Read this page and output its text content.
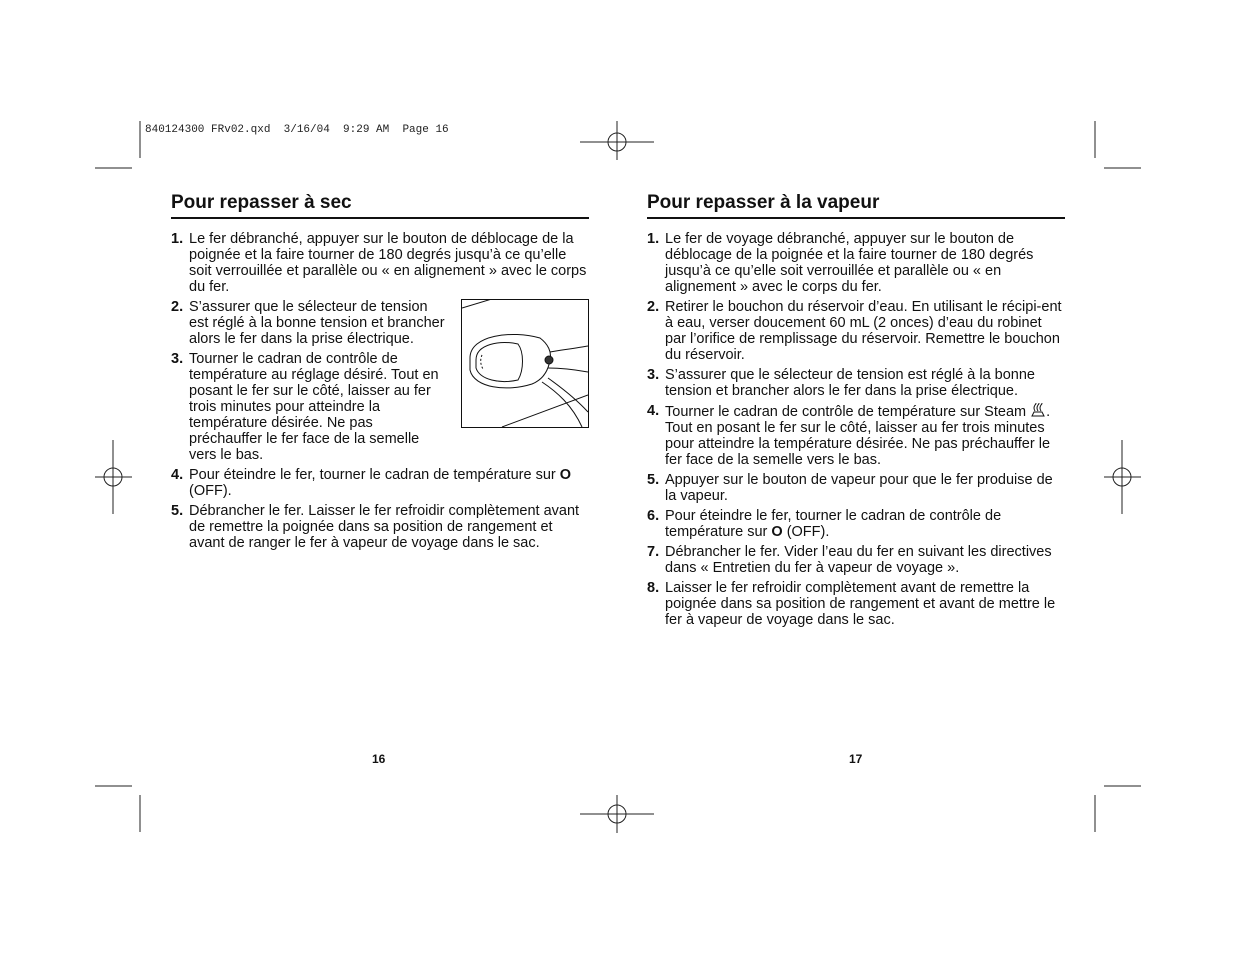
840124300 FRv02.qxd  3/16/04  9:29 AM  Page 16
Pour repasser à sec
1. Le fer débranché, appuyer sur le bouton de déblocage de la poignée et la faire tourner de 180 degrés jusqu’à ce qu’elle soit verrouillée et parallèle ou « en alignement » avec le corps du fer.
2. S’assurer que le sélecteur de tension est réglé à la bonne tension et brancher alors le fer dans la prise électrique.
3. Tourner le cadran de contrôle de température au réglage désiré. Tout en posant le fer sur le côté, laisser au fer trois minutes pour atteindre la température désirée. Ne pas préchauffer le fer face de la semelle vers le bas.
4. Pour éteindre le fer, tourner le cadran de température sur O (OFF).
5. Débrancher le fer. Laisser le fer refroidir complètement avant de remettre la poignée dans sa position de rangement et avant de ranger le fer à vapeur de voyage dans le sac.
16
Pour repasser à la vapeur
1. Le fer de voyage débranché, appuyer sur le bouton de déblocage de la poignée et la faire tourner de 180 degrés jusqu’à ce qu’elle soit verrouillée et parallèle ou « en alignement » avec le corps du fer.
2. Retirer le bouchon du réservoir d’eau. En utilisant le récipi-ent à eau, verser doucement 60 mL (2 onces) d’eau du robinet par l’orifice de remplissage du réservoir. Remettre le bouchon du réservoir.
3. S’assurer que le sélecteur de tension est réglé à la bonne tension et brancher alors le fer dans la prise électrique.
4. Tourner le cadran de contrôle de température sur Steam . Tout en posant le fer sur le côté, laisser au fer trois minutes pour atteindre la température désirée. Ne pas préchauffer le fer face de la semelle vers le bas.
5. Appuyer sur le bouton de vapeur pour que le fer produise de la vapeur.
6. Pour éteindre le fer, tourner le cadran de contrôle de température sur O (OFF).
7. Débrancher le fer. Vider l’eau du fer en suivant les directives dans « Entretien du fer à vapeur de voyage ».
8. Laisser le fer refroidir complètement avant de remettre la poignée dans sa position de rangement et avant de mettre le fer à vapeur de voyage dans le sac.
17
